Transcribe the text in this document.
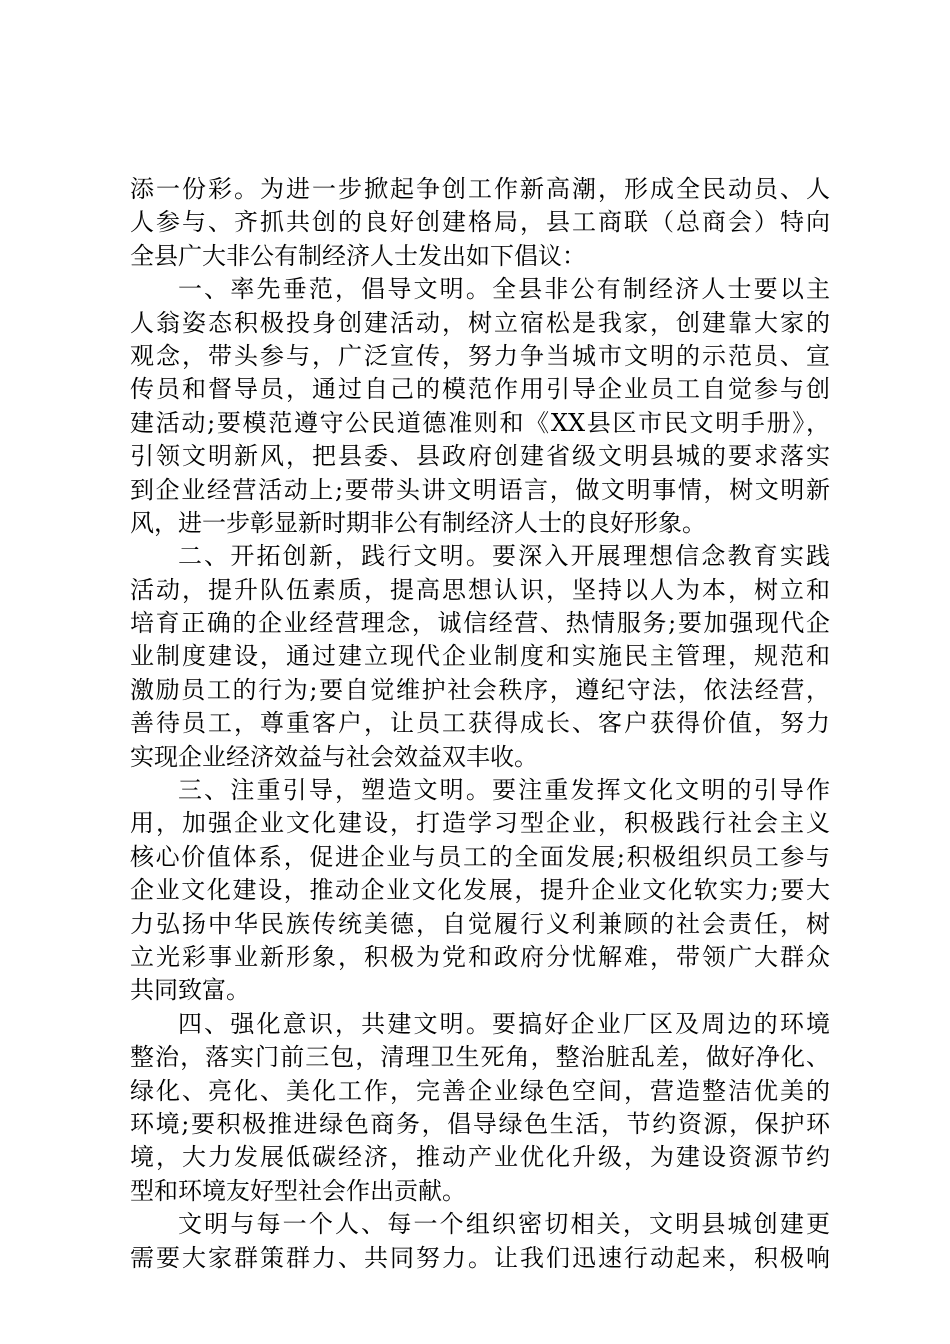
添一份彩。为进一步掀起争创工作新高潮，形成全民动员、人
人参与、齐抓共创的良好创建格局，县工商联（总商会）特向
全县广大非公有制经济人士发出如下倡议：
一、率先垂范，倡导文明。全县非公有制经济人士要以主
人翁姿态积极投身创建活动，树立宿松是我家，创建靠大家的
观念，带头参与，广泛宣传，努力争当城市文明的示范员、宣
传员和督导员，通过自己的模范作用引导企业员工自觉参与创
建活动;要模范遵守公民道德准则和《XX县区市民文明手册》，
引领文明新风，把县委、县政府创建省级文明县城的要求落实
到企业经营活动上;要带头讲文明语言，做文明事情，树文明新
风，进一步彰显新时期非公有制经济人士的良好形象。
二、开拓创新，践行文明。要深入开展理想信念教育实践
活动，提升队伍素质，提高思想认识，坚持以人为本，树立和
培育正确的企业经营理念，诚信经营、热情服务;要加强现代企
业制度建设，通过建立现代企业制度和实施民主管理，规范和
激励员工的行为;要自觉维护社会秩序，遵纪守法，依法经营，
善待员工，尊重客户，让员工获得成长、客户获得价值，努力
实现企业经济效益与社会效益双丰收。
三、注重引导，塑造文明。要注重发挥文化文明的引导作
用，加强企业文化建设，打造学习型企业，积极践行社会主义
核心价值体系，促进企业与员工的全面发展;积极组织员工参与
企业文化建设，推动企业文化发展，提升企业文化软实力;要大
力弘扬中华民族传统美德，自觉履行义利兼顾的社会责任，树
立光彩事业新形象，积极为党和政府分忧解难，带领广大群众
共同致富。
四、强化意识，共建文明。要搞好企业厂区及周边的环境
整治，落实门前三包，清理卫生死角，整治脏乱差，做好净化、
绿化、亮化、美化工作，完善企业绿色空间，营造整洁优美的
环境;要积极推进绿色商务，倡导绿色生活，节约资源，保护环
境，大力发展低碳经济，推动产业优化升级，为建设资源节约
型和环境友好型社会作出贡献。
文明与每一个人、每一个组织密切相关，文明县城创建更
需要大家群策群力、共同努力。让我们迅速行动起来，积极响
